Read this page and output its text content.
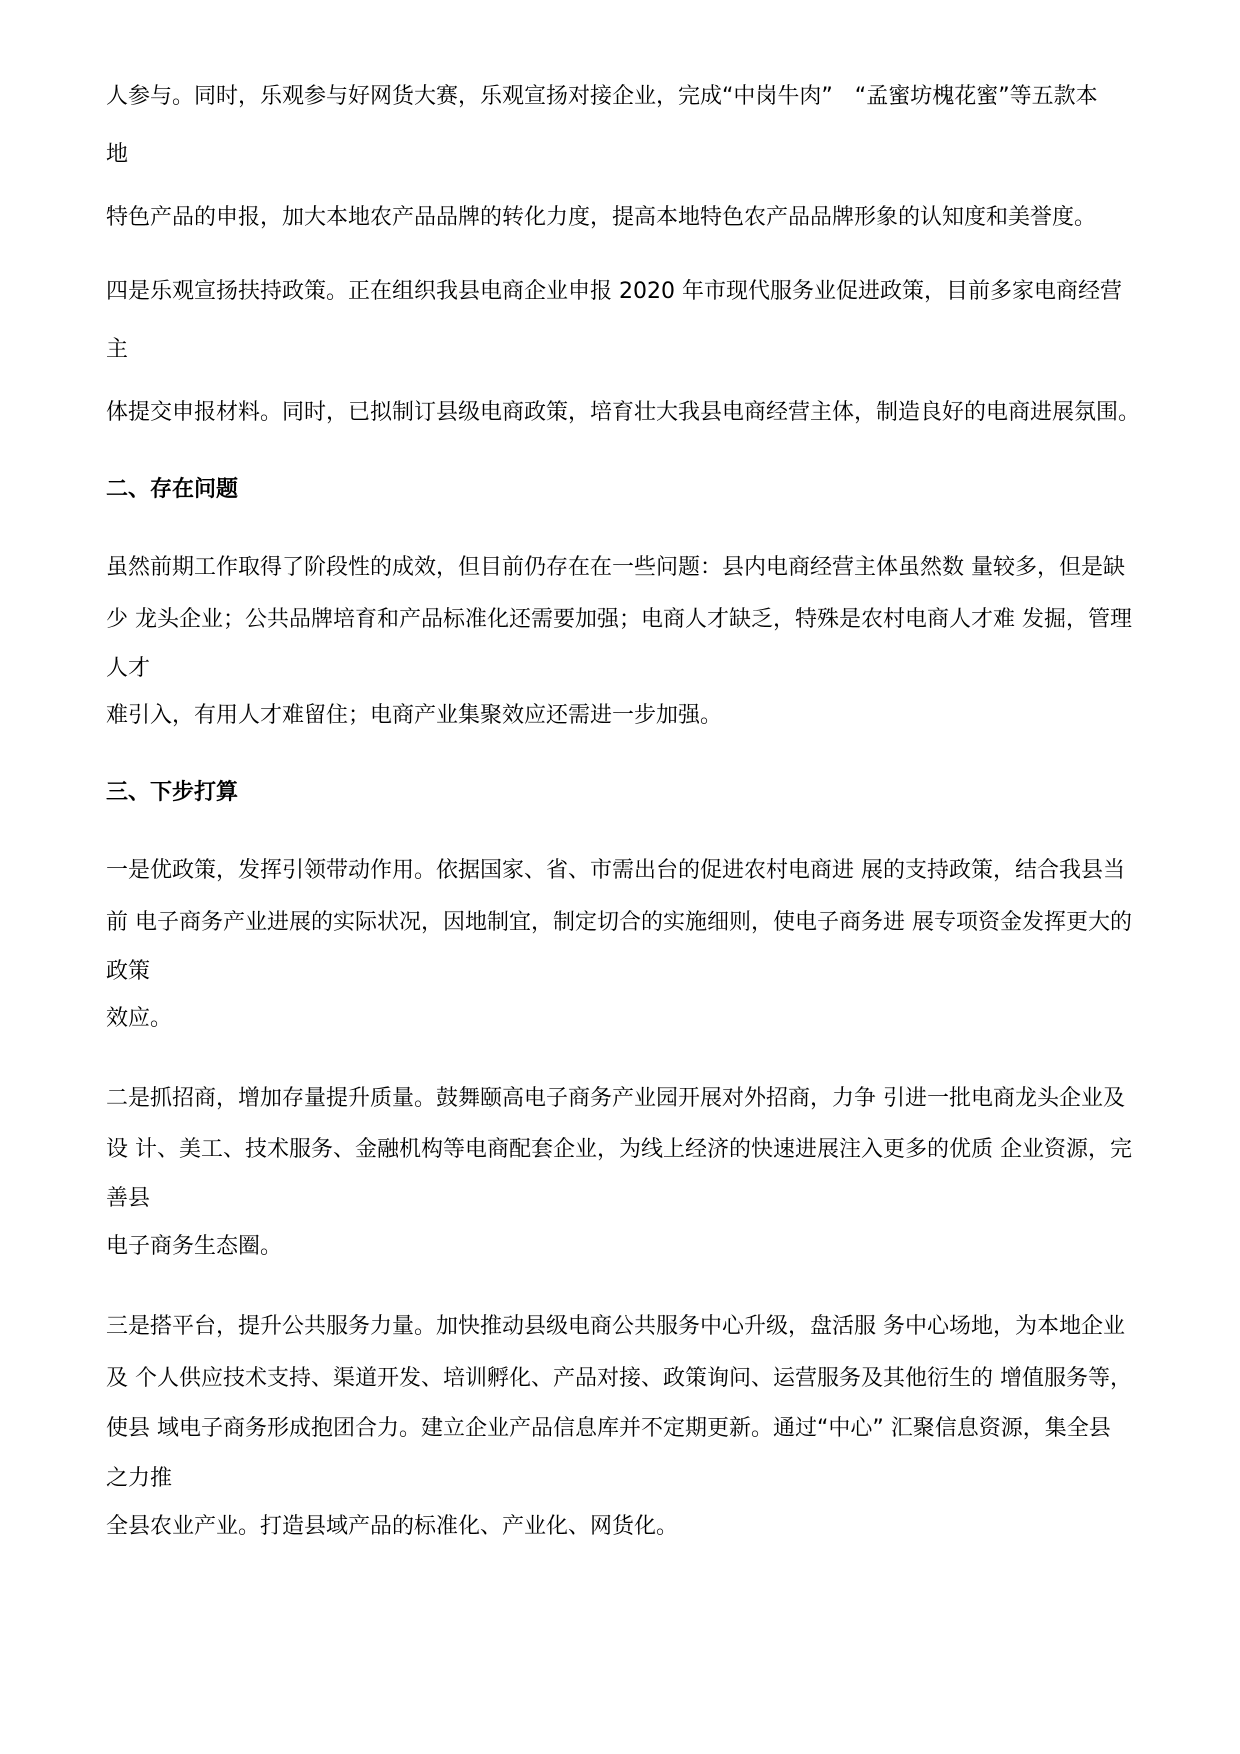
人参与。同时，乐观参与好网货大赛，乐观宣扬对接企业，完成“中岗牛肉”　“孟蜜坊槐花蜜”等五款本

地

特色产品的申报，加大本地农产品品牌的转化力度，提高本地特色农产品品牌形象的认知度和美誉度。

四是乐观宣扬扶持政策。正在组织我县电商企业申报 2020 年市现代服务业促进政策，目前多家电商经营

主

体提交申报材料。同时，已拟制订县级电商政策，培育壮大我县电商经营主体，制造良好的电商进展氛围。

二、存在问题

虽然前期工作取得了阶段性的成效，但目前仍存在在一些问题：县内电商经营主体虽然数 量较多，但是缺

少 龙头企业；公共品牌培育和产品标准化还需要加强；电商人才缺乏，特殊是农村电商人才难 发掘，管理

人才

难引入，有用人才难留住；电商产业集聚效应还需进一步加强。

三、下步打算

一是优政策，发挥引领带动作用。依据国家、省、市需出台的促进农村电商进 展的支持政策，结合我县当

前 电子商务产业进展的实际状况，因地制宜，制定切合的实施细则，使电子商务进 展专项资金发挥更大的

政策

效应。

二是抓招商，增加存量提升质量。鼓舞颐高电子商务产业园开展对外招商，力争 引进一批电商龙头企业及

设 计、美工、技术服务、金融机构等电商配套企业，为线上经济的快速进展注入更多的优质 企业资源，完

善县

电子商务生态圈。

三是搭平台，提升公共服务力量。加快推动县级电商公共服务中心升级，盘活服 务中心场地，为本地企业

及 个人供应技术支持、渠道开发、培训孵化、产品对接、政策询问、运营服务及其他衍生的 增值服务等，

使县 域电子商务形成抱团合力。建立企业产品信息库并不定期更新。通过“中心” 汇聚信息资源，集全县

之力推

全县农业产业。打造县域产品的标准化、产业化、网货化。
